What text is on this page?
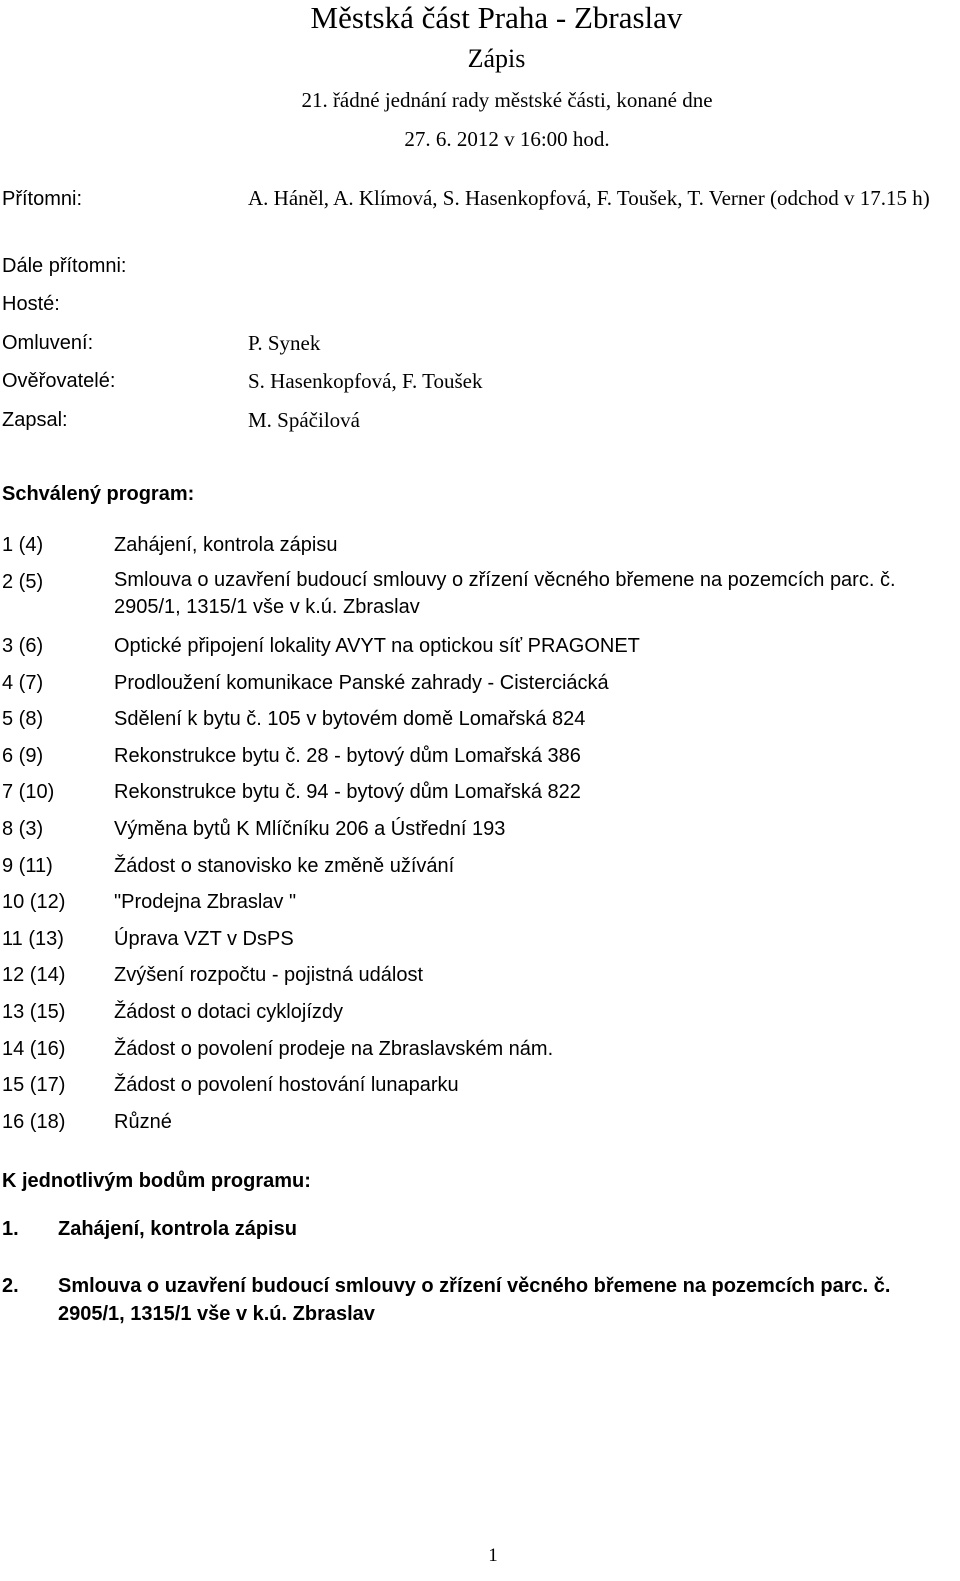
Městská část Praha - Zbraslav
Zápis
21. řádné jednání rady městské části, konané dne
27. 6. 2012 v 16:00 hod.
Přítomni:	A. Háněl, A. Klímová, S. Hasenkopfová, F. Toušek, T. Verner (odchod v 17.15 h)
Dále přítomni:
Hosté:
Omluvení:	P. Synek
Ověřovatelé:	S. Hasenkopfová, F. Toušek
Zapsal:	M. Spáčilová
Schválený program:
1 (4)	Zahájení, kontrola zápisu
2 (5)	Smlouva o uzavření budoucí smlouvy o zřízení věcného břemene na pozemcích parc. č. 2905/1, 1315/1 vše v k.ú. Zbraslav
3 (6)	Optické připojení lokality AVYT na optickou síť PRAGONET
4 (7)	Prodloužení komunikace Panské zahrady - Cisterciácká
5 (8)	Sdělení k bytu č. 105 v bytovém domě Lomařská 824
6 (9)	Rekonstrukce bytu č. 28 - bytový dům Lomařská 386
7 (10)	Rekonstrukce bytu č. 94 - bytový dům Lomařská 822
8 (3)	Výměna bytů K Mlíčníku 206 a Ústřední 193
9 (11)	Žádost o stanovisko ke změně užívání
10 (12) "Prodejna Zbraslav "
11 (13)	Úprava VZT v DsPS
12 (14) Zvýšení rozpočtu - pojistná událost
13 (15) Žádost o dotaci cyklojízdy
14 (16) Žádost o povolení prodeje na Zbraslavském nám.
15 (17) Žádost o povolení hostování lunaparku
16 (18) Různé
K jednotlivým bodům programu:
1. Zahájení, kontrola zápisu
2. Smlouva o uzavření budoucí smlouvy o zřízení věcného břemene na pozemcích parc. č. 2905/1, 1315/1 vše v k.ú. Zbraslav
1
